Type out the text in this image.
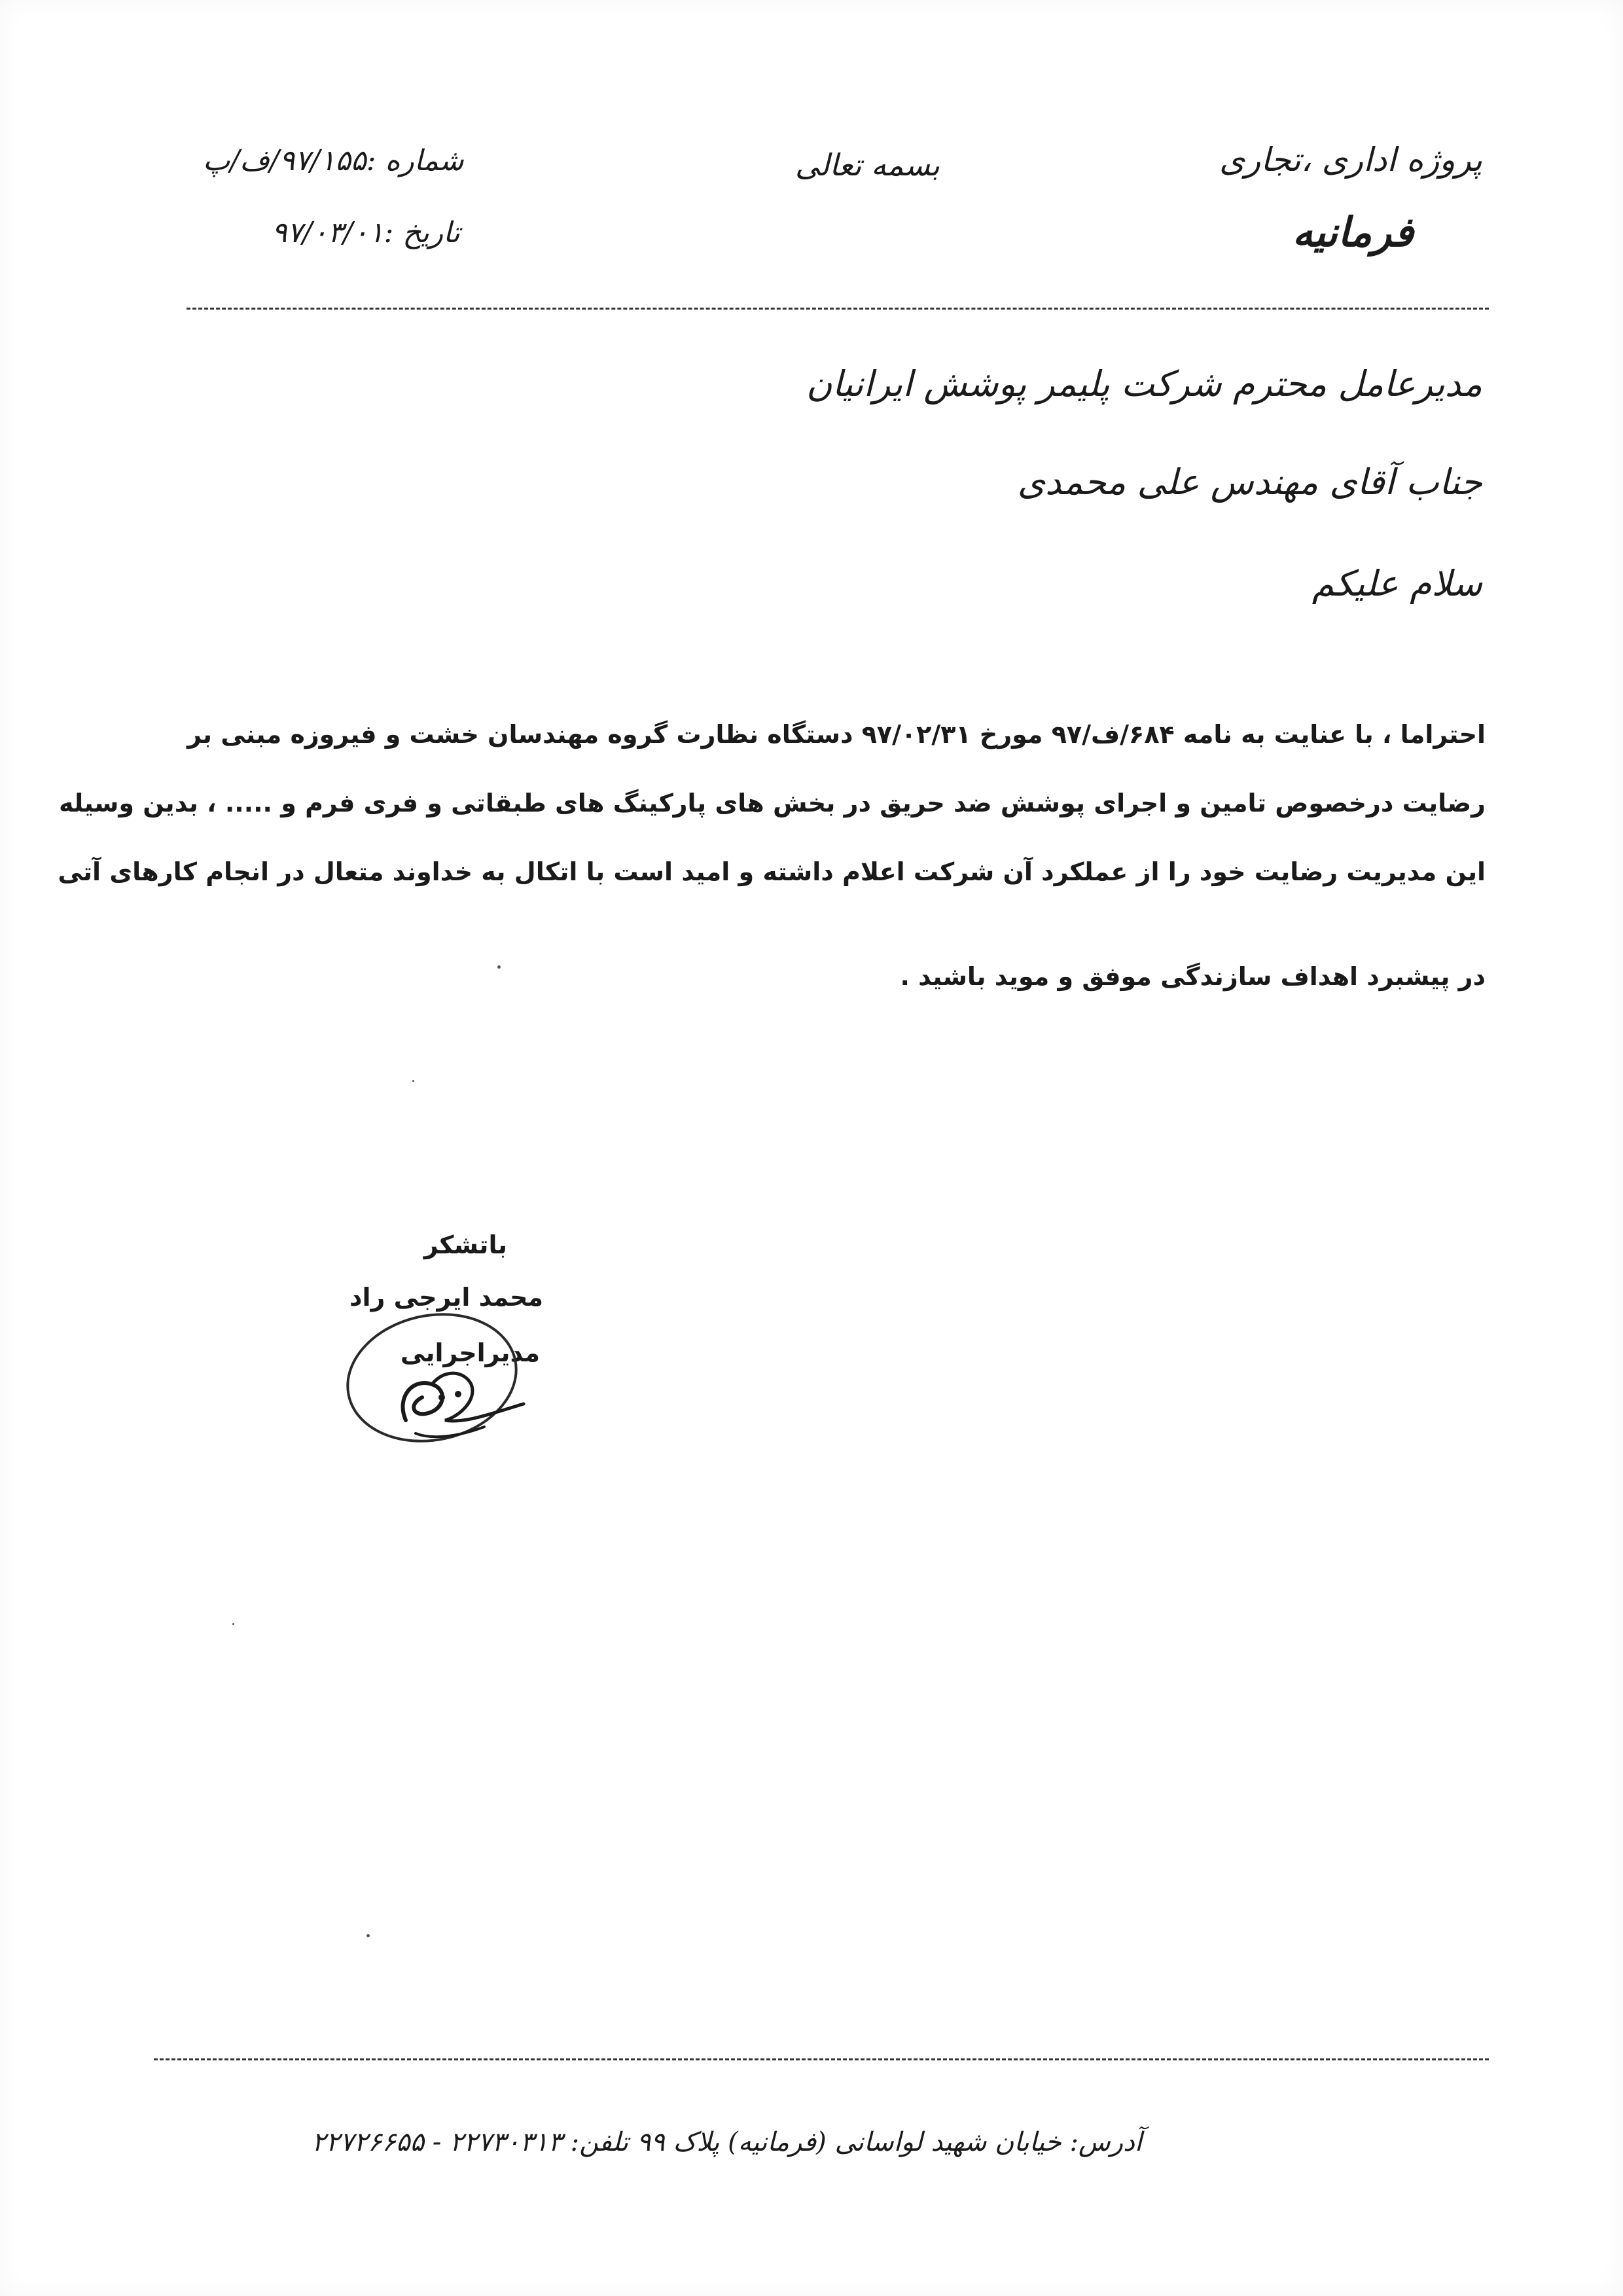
پروژه اداری ،تجاری
فرمانیه
بسمه تعالی
شماره :۹۷/۱۵۵/ف/پ
تاریخ :۹۷/۰۳/۰۱
مدیرعامل محترم شرکت پلیمر پوشش ایرانیان
جناب آقای مهندس علی محمدی
سلام علیکم
احتراما ، با عنایت به نامه ۶۸۴/ف/۹۷ مورخ ۹۷/۰۲/۳۱ دستگاه نظارت گروه مهندسان خشت و فیروزه مبنی بر
رضایت درخصوص تامین و اجرای پوشش ضد حریق در بخش های پارکینگ های طبقاتی و فری فرم و ..... ، بدین وسیله
این مدیریت رضایت خود را از عملکرد آن شرکت اعلام داشته و امید است با اتکال به خداوند متعال در انجام کارهای آتی
در پیشبرد اهداف سازندگی موفق و موید باشید .
باتشکر
محمد ایرجی راد
مدیراجرایی
آدرس: خیابان شهید لواسانی (فرمانیه) پلاک ۹۹ تلفن: ۲۲۷۳۰۳۱۳ - ۲۲۷۲۶۶۵۵
